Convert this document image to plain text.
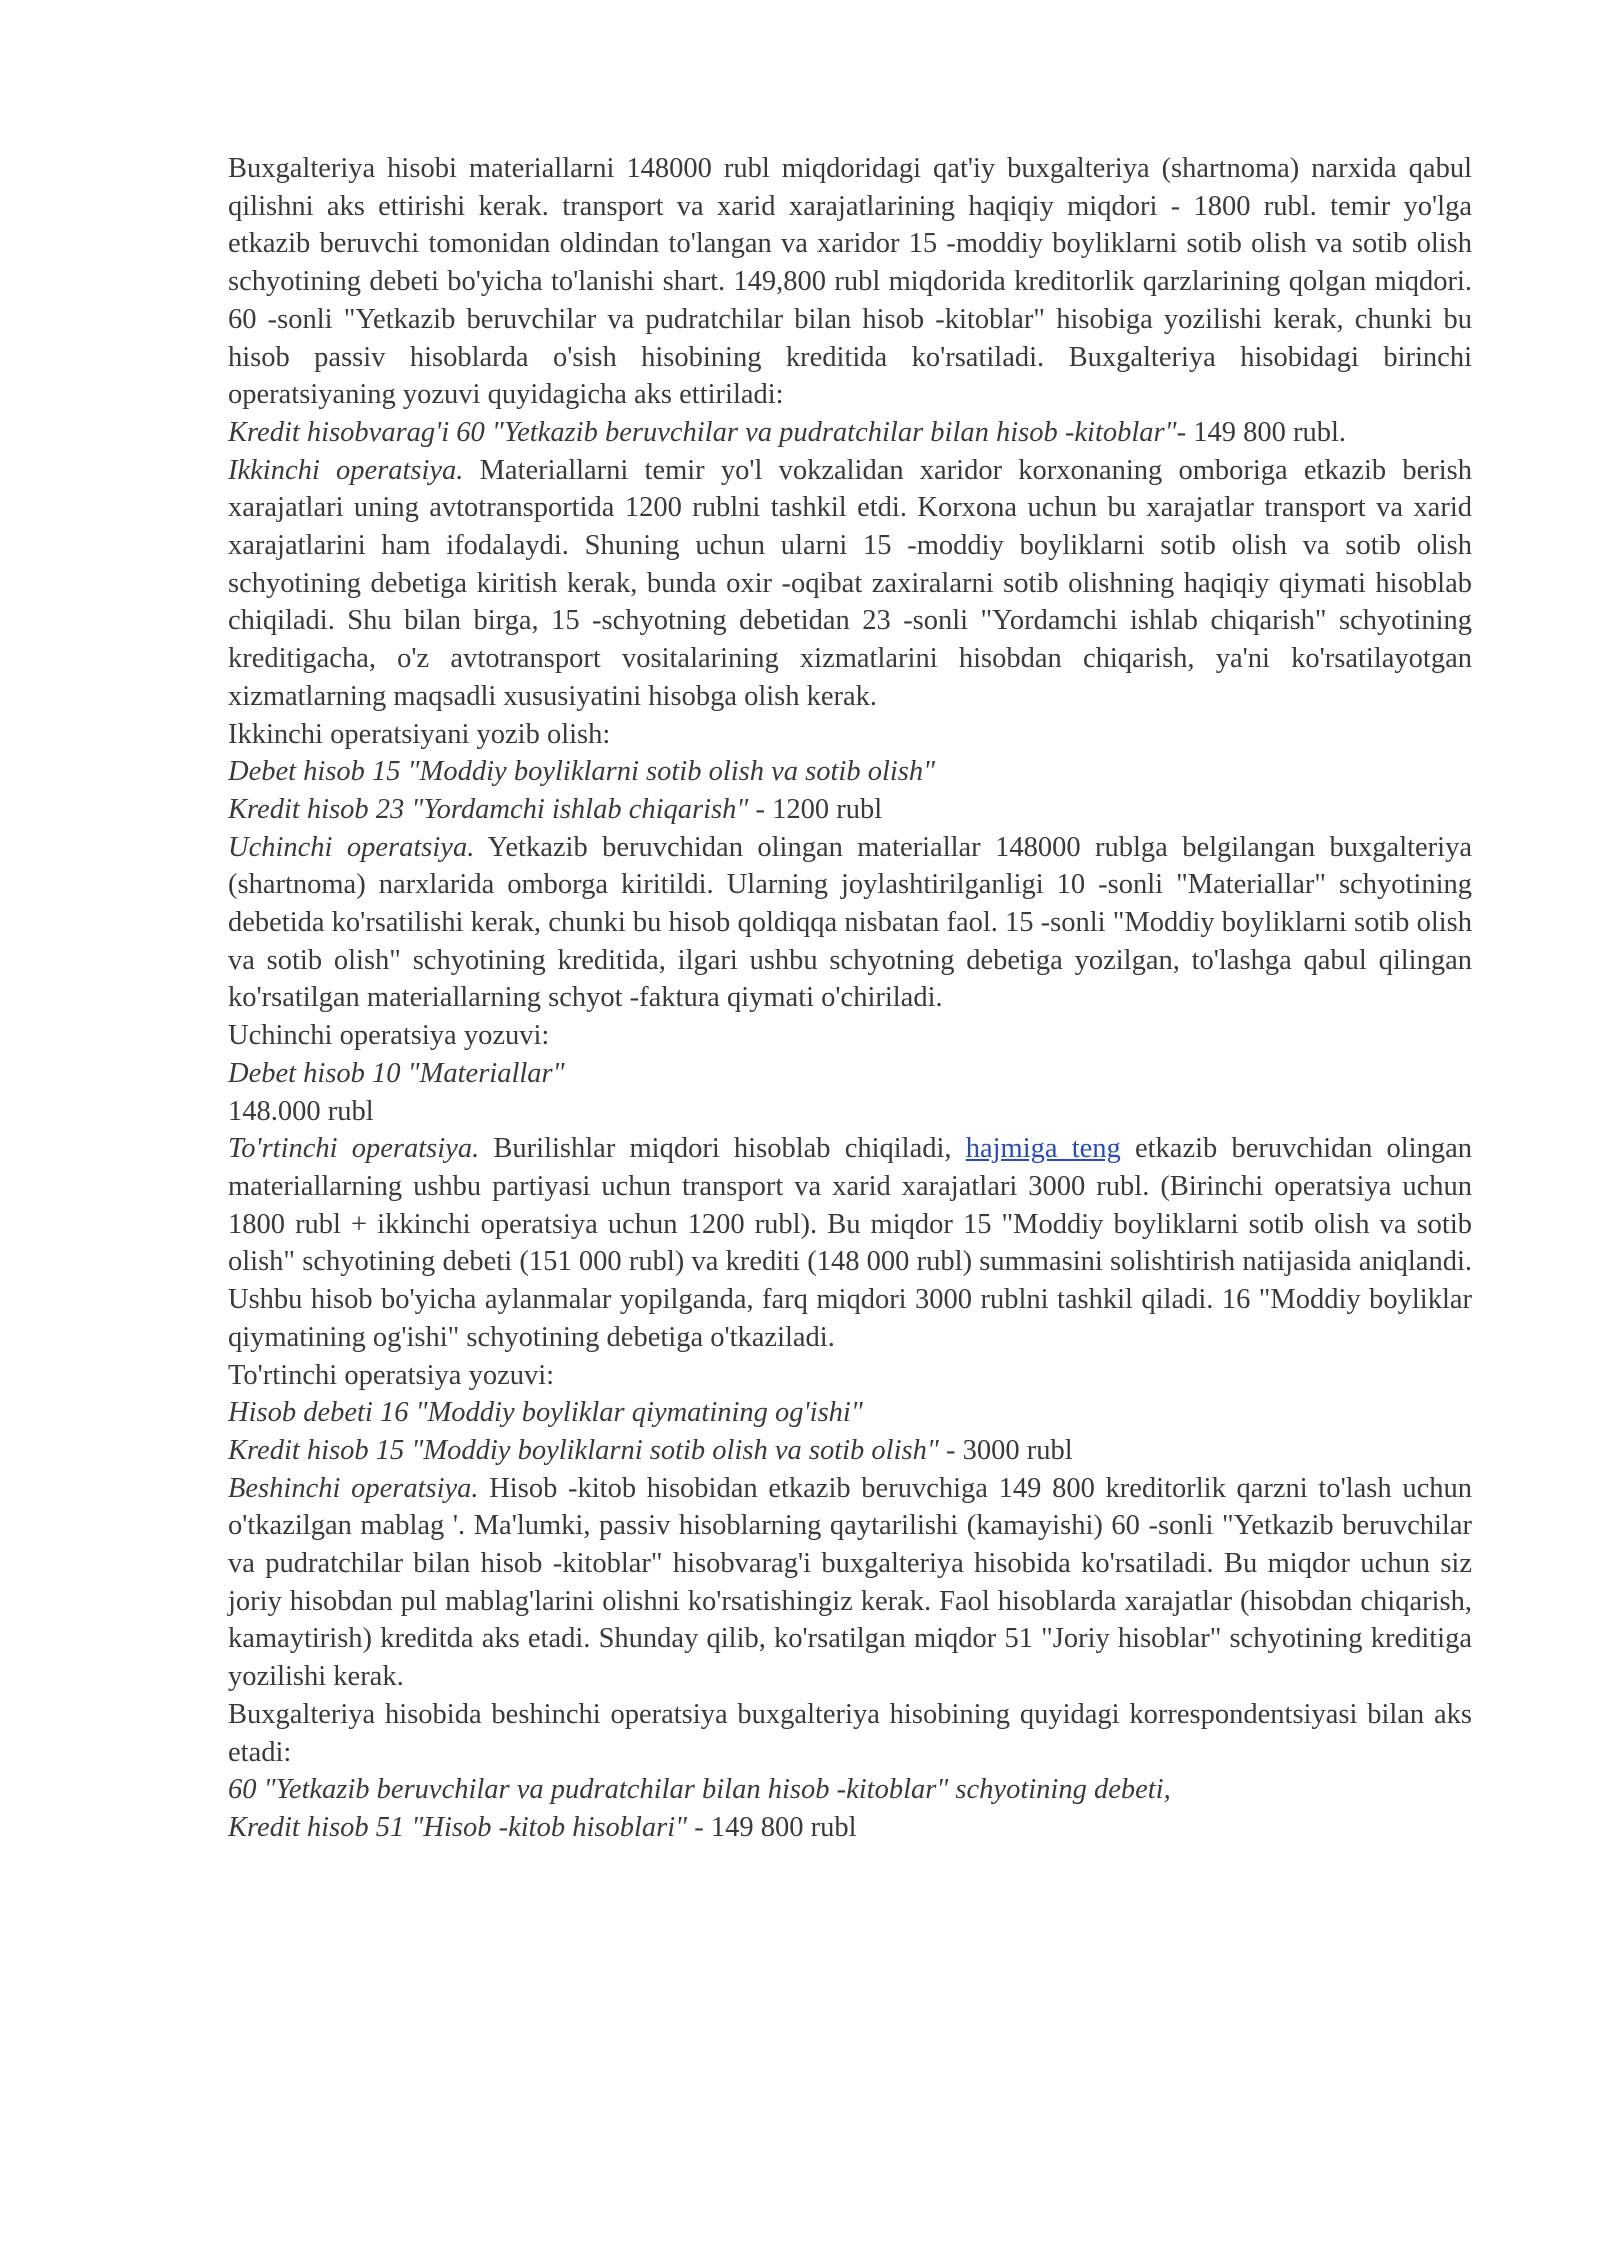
Buxgalteriya hisobi materiallarni 148000 rubl miqdoridagi qat'iy buxgalteriya (shartnoma) narxida qabul qilishni aks ettirishi kerak. transport va xarid xarajatlarining haqiqiy miqdori - 1800 rubl. temir yo'lga etkazib beruvchi tomonidan oldindan to'langan va xaridor 15 -moddiy boyliklarni sotib olish va sotib olish schyotining debeti bo'yicha to'lanishi shart. 149,800 rubl miqdorida kreditorlik qarzlarining qolgan miqdori. 60 -sonli "Yetkazib beruvchilar va pudratchilar bilan hisob -kitoblar" hisobiga yozilishi kerak, chunki bu hisob passiv hisoblarda o'sish hisobining kreditida ko'rsatiladi. Buxgalteriya hisobidagi birinchi operatsiyaning yozuvi quyidagicha aks ettiriladi:

Kredit hisobvarag'i 60 "Yetkazib beruvchilar va pudratchilar bilan hisob -kitoblar"- 149 800 rubl.

Ikkinchi operatsiya. Materiallarni temir yo'l vokzalidan xaridor korxonaning omboriga etkazib berish xarajatlari uning avtotransportida 1200 rublni tashkil etdi. Korxona uchun bu xarajatlar transport va xarid xarajatlarini ham ifodalaydi. Shuning uchun ularni 15 -moddiy boyliklarni sotib olish va sotib olish schyotining debetiga kiritish kerak, bunda oxir -oqibat zaxiralarni sotib olishning haqiqiy qiymati hisoblab chiqiladi. Shu bilan birga, 15 -schyotning debetidan 23 -sonli "Yordamchi ishlab chiqarish" schyotining kreditigacha, o'z avtotransport vositalarining xizmatlarini hisobdan chiqarish, ya'ni ko'rsatilayotgan xizmatlarning maqsadli xususiyatini hisobga olish kerak.

Ikkinchi operatsiyani yozib olish:

Debet hisob 15 "Moddiy boyliklarni sotib olish va sotib olish"

Kredit hisob 23 "Yordamchi ishlab chiqarish" - 1200 rubl

Uchinchi operatsiya. Yetkazib beruvchidan olingan materiallar 148000 rublga belgilangan buxgalteriya (shartnoma) narxlarida omborga kiritildi. Ularning joylashtirilganligi 10 -sonli "Materiallar" schyotining debetida ko'rsatilishi kerak, chunki bu hisob qoldiqqa nisbatan faol. 15 -sonli "Moddiy boyliklarni sotib olish va sotib olish" schyotining kreditida, ilgari ushbu schyotning debetiga yozilgan, to'lashga qabul qilingan ko'rsatilgan materiallarning schyot -faktura qiymati o'chiriladi.

Uchinchi operatsiya yozuvi:

Debet hisob 10 "Materiallar"

148.000 rubl

To'rtinchi operatsiya. Burilishlar miqdori hisoblab chiqiladi, hajmiga teng etkazib beruvchidan olingan materiallarning ushbu partiyasi uchun transport va xarid xarajatlari 3000 rubl. (Birinchi operatsiya uchun 1800 rubl + ikkinchi operatsiya uchun 1200 rubl). Bu miqdor 15 "Moddiy boyliklarni sotib olish va sotib olish" schyotining debeti (151 000 rubl) va krediti (148 000 rubl) summasini solishtirish natijasida aniqlandi. Ushbu hisob bo'yicha aylanmalar yopilganda, farq miqdori 3000 rublni tashkil qiladi. 16 "Moddiy boyliklar qiymatining og'ishi" schyotining debetiga o'tkaziladi.

To'rtinchi operatsiya yozuvi:

Hisob debeti 16 "Moddiy boyliklar qiymatining og'ishi"

Kredit hisob 15 "Moddiy boyliklarni sotib olish va sotib olish" - 3000 rubl

Beshinchi operatsiya. Hisob -kitob hisobidan etkazib beruvchiga 149 800 kreditorlik qarzni to'lash uchun o'tkazilgan mablag '. Ma'lumki, passiv hisoblarning qaytarilishi (kamayishi) 60 -sonli "Yetkazib beruvchilar va pudratchilar bilan hisob -kitoblar" hisobvarag'i buxgalteriya hisobida ko'rsatiladi. Bu miqdor uchun siz joriy hisobdan pul mablag'larini olishni ko'rsatishingiz kerak. Faol hisoblarda xarajatlar (hisobdan chiqarish, kamaytirish) kreditda aks etadi. Shunday qilib, ko'rsatilgan miqdor 51 "Joriy hisoblar" schyotining kreditiga yozilishi kerak.

Buxgalteriya hisobida beshinchi operatsiya buxgalteriya hisobining quyidagi korrespondentsiyasi bilan aks etadi:

60 "Yetkazib beruvchilar va pudratchilar bilan hisob -kitoblar" schyotining debeti,

Kredit hisob 51 "Hisob -kitob hisoblari" - 149 800 rubl
